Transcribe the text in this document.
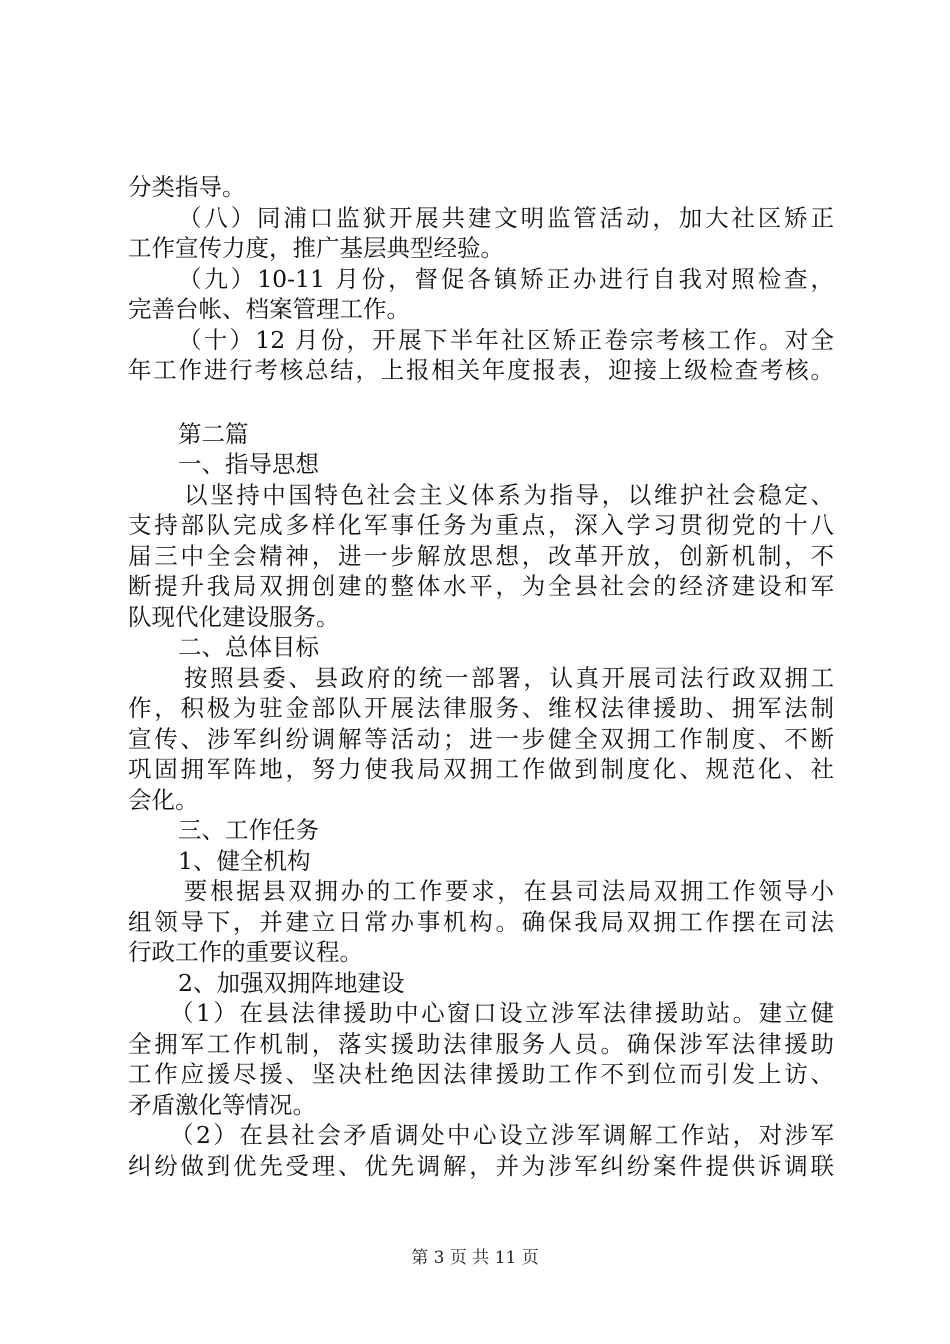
分类指导。
（八）同浦口监狱开展共建文明监管活动，加大社区矫正
工作宣传力度，推广基层典型经验。
（九）10-11 月份，督促各镇矫正办进行自我对照检查，
完善台帐、档案管理工作。
（十）12 月份，开展下半年社区矫正卷宗考核工作。对全
年工作进行考核总结，上报相关年度报表，迎接上级检查考核。
第二篇
一、指导思想
以坚持中国特色社会主义体系为指导，以维护社会稳定、
支持部队完成多样化军事任务为重点，深入学习贯彻党的十八
届三中全会精神，进一步解放思想，改革开放，创新机制，不
断提升我局双拥创建的整体水平，为全县社会的经济建设和军
队现代化建设服务。
二、总体目标
按照县委、县政府的统一部署，认真开展司法行政双拥工
作，积极为驻金部队开展法律服务、维权法律援助、拥军法制
宣传、涉军纠纷调解等活动；进一步健全双拥工作制度、不断
巩固拥军阵地，努力使我局双拥工作做到制度化、规范化、社
会化。
三、工作任务
1、健全机构
要根据县双拥办的工作要求，在县司法局双拥工作领导小
组领导下，并建立日常办事机构。确保我局双拥工作摆在司法
行政工作的重要议程。
2、加强双拥阵地建设
（1）在县法律援助中心窗口设立涉军法律援助站。建立健
全拥军工作机制，落实援助法律服务人员。确保涉军法律援助
工作应援尽援、坚决杜绝因法律援助工作不到位而引发上访、
矛盾激化等情况。
（2）在县社会矛盾调处中心设立涉军调解工作站，对涉军
纠纷做到优先受理、优先调解，并为涉军纠纷案件提供诉调联
第 3 页 共 11 页
